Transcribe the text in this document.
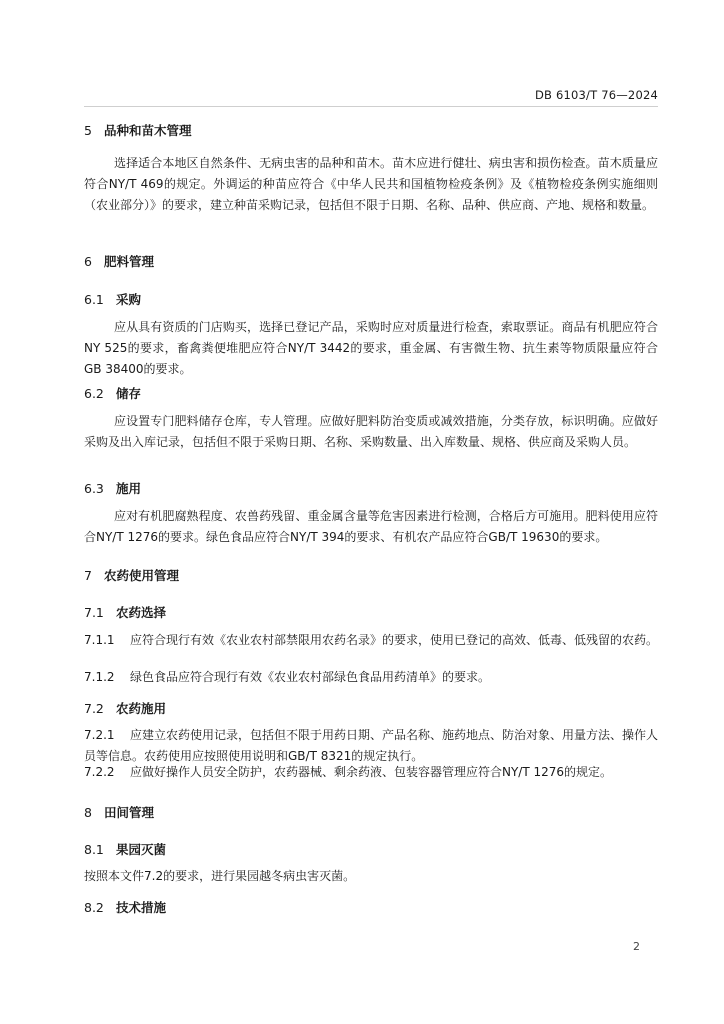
DB 6103/T 76—2024
5 品种和苗木管理
选择适合本地区自然条件、无病虫害的品种和苗木。苗木应进行健壮、病虫害和损伤检查。苗木质量应符合NY/T 469的规定。外调运的种苗应符合《中华人民共和国植物检疫条例》及《植物检疫条例实施细则（农业部分）》的要求，建立种苗采购记录，包括但不限于日期、名称、品种、供应商、产地、规格和数量。
6 肥料管理
6.1 采购
应从具有资质的门店购买，选择已登记产品，采购时应对质量进行检查，索取票证。商品有机肥应符合NY 525的要求，畜禽粪便堆肥应符合NY/T 3442的要求，重金属、有害微生物、抗生素等物质限量应符合GB 38400的要求。
6.2 储存
应设置专门肥料储存仓库，专人管理。应做好肥料防治变质或减效措施，分类存放，标识明确。应做好采购及出入库记录，包括但不限于采购日期、名称、采购数量、出入库数量、规格、供应商及采购人员。
6.3 施用
应对有机肥腐熟程度、农兽药残留、重金属含量等危害因素进行检测，合格后方可施用。肥料使用应符合NY/T 1276的要求。绿色食品应符合NY/T 394的要求、有机农产品应符合GB/T 19630的要求。
7 农药使用管理
7.1 农药选择
7.1.1 应符合现行有效《农业农村部禁限用农药名录》的要求，使用已登记的高效、低毒、低残留的农药。
7.1.2 绿色食品应符合现行有效《农业农村部绿色食品用药清单》的要求。
7.2 农药施用
7.2.1 应建立农药使用记录，包括但不限于用药日期、产品名称、施药地点、防治对象、用量方法、操作人员等信息。农药使用应按照使用说明和GB/T 8321的规定执行。
7.2.2 应做好操作人员安全防护，农药器械、剩余药液、包装容器管理应符合NY/T 1276的规定。
8 田间管理
8.1 果园灭菌
按照本文件7.2的要求，进行果园越冬病虫害灭菌。
8.2 技术措施
2
